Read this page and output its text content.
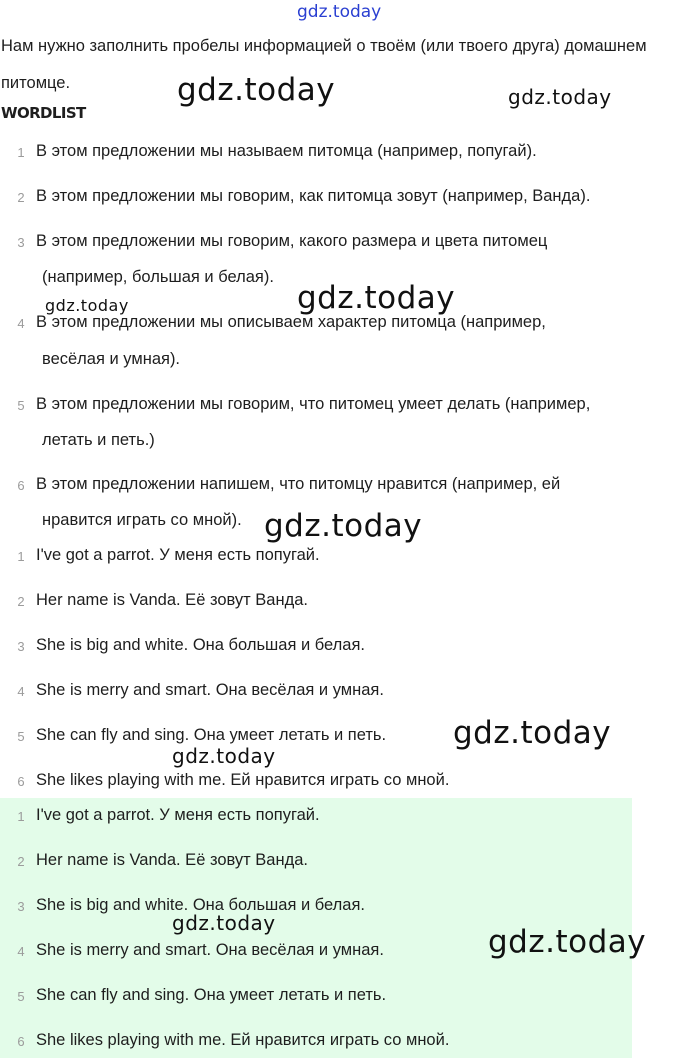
gdz.today
Нам нужно заполнить пробелы информацией о твоём (или твоего друга) домашнем питомце.
WORDLIST
1 В этом предложении мы называем питомца (например, попугай).
2 В этом предложении мы говорим, как питомца зовут (например, Ванда).
3 В этом предложении мы говорим, какого размера и цвета питомец
(например, большая и белая).
4 В этом предложении мы описываем характер питомца (например,
весёлая и умная).
5 В этом предложении мы говорим, что питомец умеет делать (например,
летать и петь.)
6 В этом предложении напишем, что питомцу нравится (например, ей
нравится играть со мной).
1 I've got a parrot. У меня есть попугай.
2 Her name is Vanda. Её зовут Ванда.
3 She is big and white. Она большая и белая.
4 She is merry and smart. Она весёлая и умная.
5 She can fly and sing. Она умеет летать и петь.
6 She likes playing with me. Ей нравится играть со мной.
1 I've got a parrot. У меня есть попугай.
2 Her name is Vanda. Её зовут Ванда.
3 She is big and white. Она большая и белая.
4 She is merry and smart. Она весёлая и умная.
5 She can fly and sing. Она умеет летать и петь.
6 She likes playing with me. Ей нравится играть со мной.
gdz.today	gdz.today
gdz.today	gdz.today
gdz.today
gdz.today
gdz.today
gdz.today
gdz.today
